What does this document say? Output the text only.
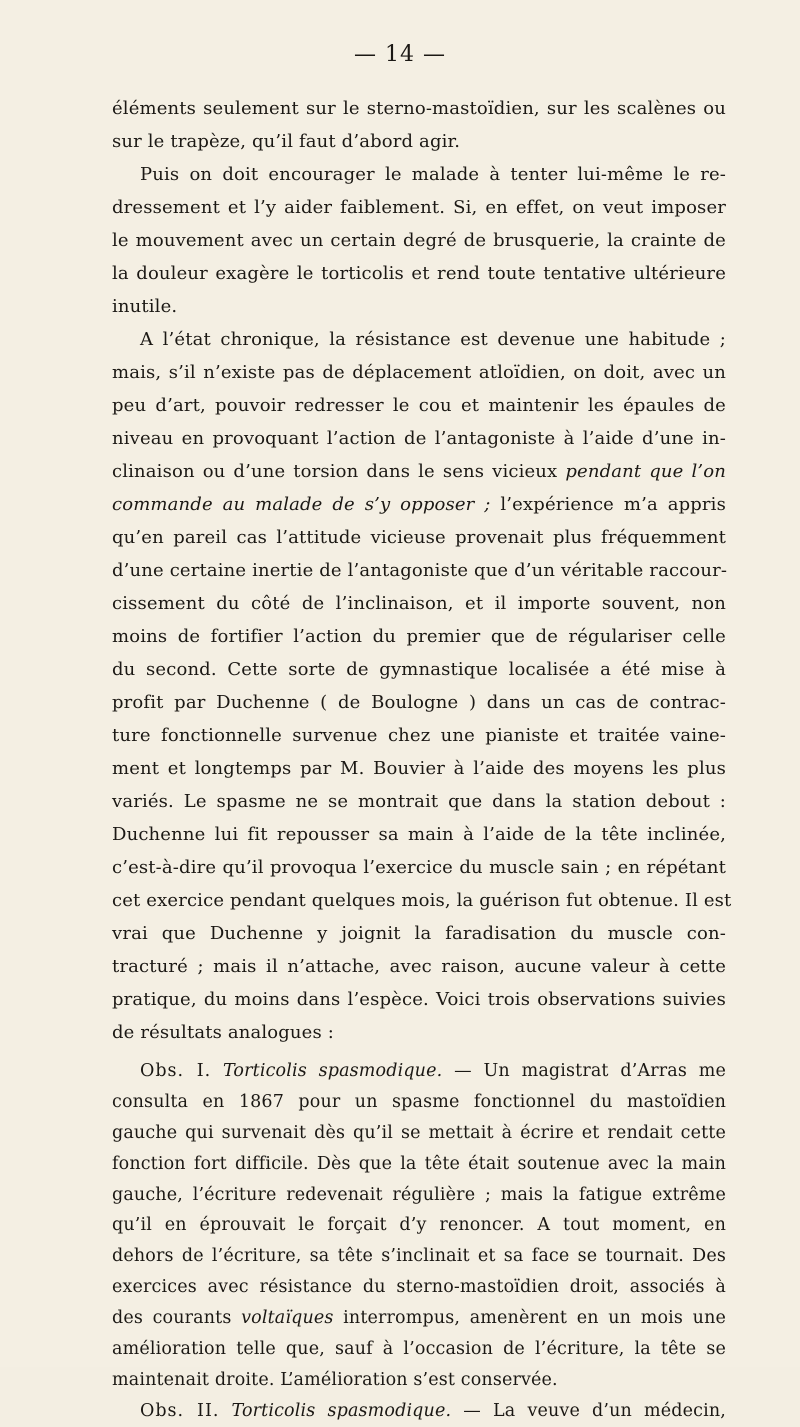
— 14 —
éléments seulement sur le sterno-mastoïdien, sur les scalènes ou
sur le trapèze, qu’il faut d’abord agir.
Puis on doit encourager le malade à tenter lui-même le re-
dressement et l’y aider faiblement. Si, en effet, on veut imposer
le mouvement avec un certain degré de brusquerie, la crainte de
la douleur exagère le torticolis et rend toute tentative ultérieure
inutile.
A l’état chronique, la résistance est devenue une habitude ;
mais, s’il n’existe pas de déplacement atloïdien, on doit, avec un
peu d’art, pouvoir redresser le cou et maintenir les épaules de
niveau en provoquant l’action de l’antagoniste à l’aide d’une in-
clinaison ou d’une torsion dans le sens vicieux pendant que l’on
commande au malade de s’y opposer ; l’expérience m’a appris
qu’en pareil cas l’attitude vicieuse provenait plus fréquemment
d’une certaine inertie de l’antagoniste que d’un véritable raccour-
cissement du côté de l’inclinaison, et il importe souvent, non
moins de fortifier l’action du premier que de régulariser celle
du second. Cette sorte de gymnastique localisée a été mise à
profit par Duchenne ( de Boulogne ) dans un cas de contrac-
ture fonctionnelle survenue chez une pianiste et traitée vaine-
ment et longtemps par M. Bouvier à l’aide des moyens les plus
variés. Le spasme ne se montrait que dans la station debout :
Duchenne lui fit repousser sa main à l’aide de la tête inclinée,
c’est-à-dire qu’il provoqua l’exercice du muscle sain ; en répétant
cet exercice pendant quelques mois, la guérison fut obtenue. Il est
vrai que Duchenne y joignit la faradisation du muscle con-
tracturé ; mais il n’attache, avec raison, aucune valeur à cette
pratique, du moins dans l’espèce. Voici trois observations suivies
de résultats analogues :
Obs. I. Torticolis spasmodique. — Un magistrat d’Arras me
consulta en 1867 pour un spasme fonctionnel du mastoïdien
gauche qui survenait dès qu’il se mettait à écrire et rendait cette
fonction fort difficile. Dès que la tête était soutenue avec la main
gauche, l’écriture redevenait régulière ; mais la fatigue extrême
qu’il en éprouvait le forçait d’y renoncer. A tout moment, en
dehors de l’écriture, sa tête s’inclinait et sa face se tournait. Des
exercices avec résistance du sterno-mastoïdien droit, associés à
des courants voltaïques interrompus, amenèrent en un mois une
amélioration telle que, sauf à l’occasion de l’écriture, la tête se
maintenait droite. L’amélioration s’est conservée.
Obs. II. Torticolis spasmodique. — La veuve d’un médecin,
